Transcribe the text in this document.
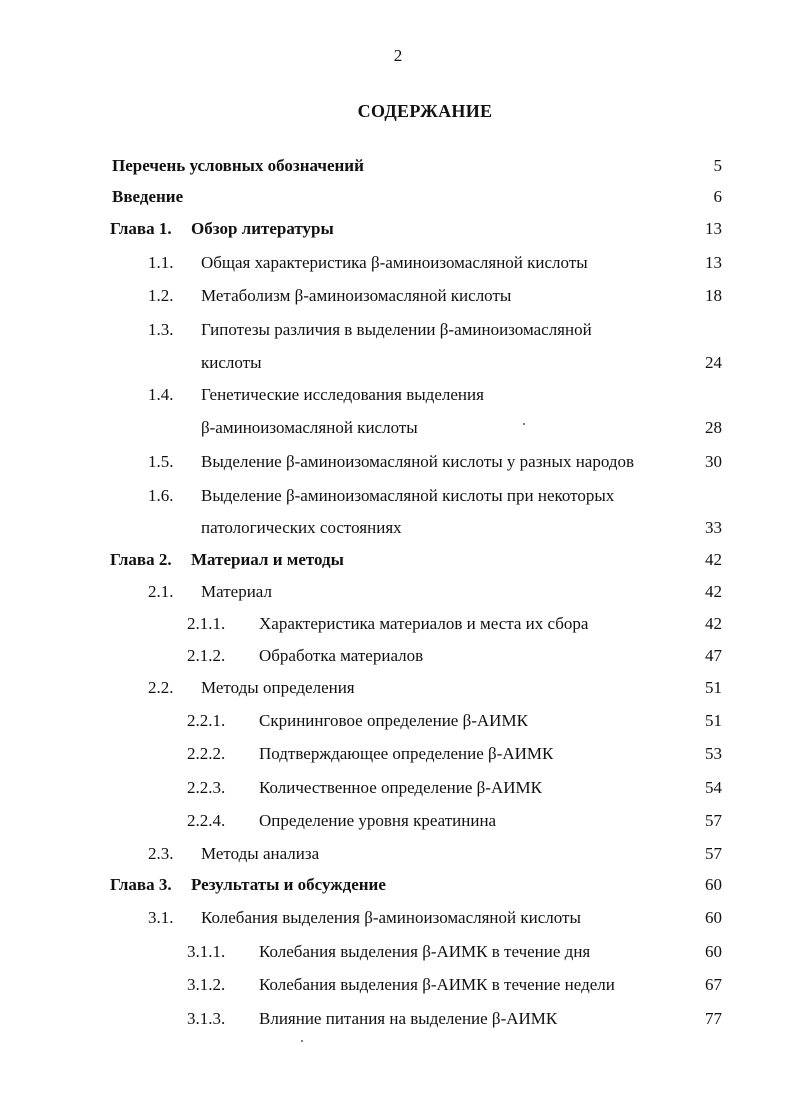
2
СОДЕРЖАНИЕ
Перечень условных обозначений	5
Введение	6
Глава 1. Обзор литературы	13
1.1. Общая характеристика β-аминоизомасляной кислоты	13
1.2. Метаболизм β-аминоизомасляной кислоты	18
1.3. Гипотезы различия в выделении β-аминоизомасляной
кислоты	24
1.4. Генетические исследования выделения
β-аминоизомасляной кислоты	28
1.5. Выделение β-аминоизомасляной кислоты у разных народов	30
1.6. Выделение β-аминоизомасляной кислоты при некоторых
патологических состояниях	33
Глава 2. Материал и методы	42
2.1. Материал	42
2.1.1. Характеристика материалов и места их сбора	42
2.1.2. Обработка материалов	47
2.2. Методы определения	51
2.2.1. Скрининговое определение β-АИМК	51
2.2.2. Подтверждающее определение β-АИМК	53
2.2.3. Количественное определение β-АИМК	54
2.2.4. Определение уровня креатинина	57
2.3. Методы анализа	57
Глава 3. Результаты и обсуждение	60
3.1. Колебания выделения β-аминоизомасляной кислоты	60
3.1.1. Колебания выделения β-АИМК в течение дня	60
3.1.2. Колебания выделения β-АИМК в течение недели	67
3.1.3. Влияние питания на выделение β-АИМК	77
